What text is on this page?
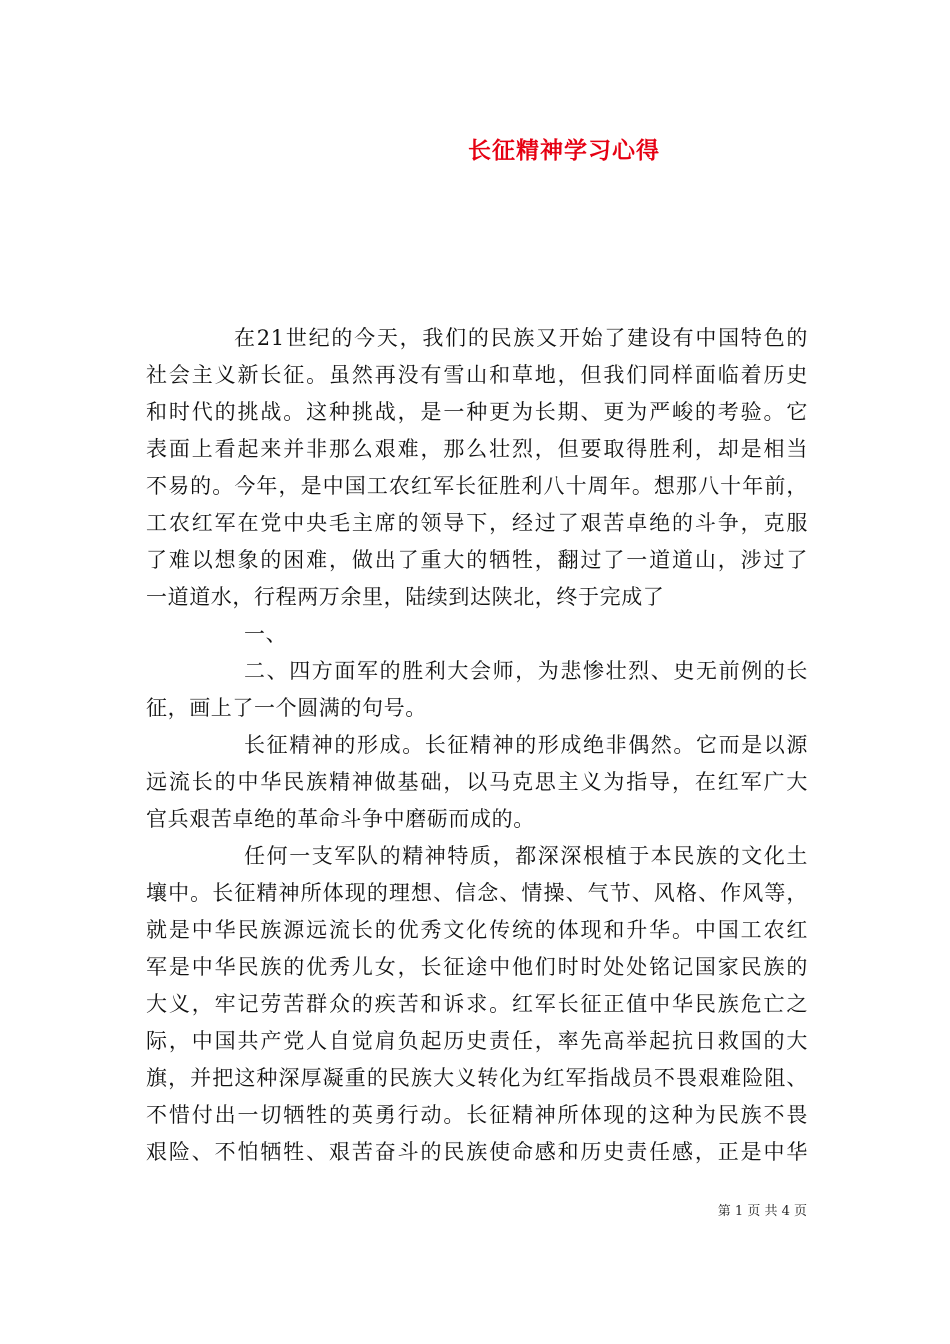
长征精神学习心得
在21世纪的今天，我们的民族又开始了建设有中国特色的
社会主义新长征。虽然再没有雪山和草地，但我们同样面临着历史
和时代的挑战。这种挑战，是一种更为长期、更为严峻的考验。它
表面上看起来并非那么艰难，那么壮烈，但要取得胜利，却是相当
不易的。今年，是中国工农红军长征胜利八十周年。想那八十年前，
工农红军在党中央毛主席的领导下，经过了艰苦卓绝的斗争，克服
了难以想象的困难，做出了重大的牺牲，翻过了一道道山，涉过了
一道道水，行程两万余里，陆续到达陕北，终于完成了
一、
二、四方面军的胜利大会师，为悲惨壮烈、史无前例的长
征，画上了一个圆满的句号。
长征精神的形成。长征精神的形成绝非偶然。它而是以源
远流长的中华民族精神做基础，以马克思主义为指导，在红军广大
官兵艰苦卓绝的革命斗争中磨砺而成的。
任何一支军队的精神特质，都深深根植于本民族的文化土
壤中。长征精神所体现的理想、信念、情操、气节、风格、作风等，
就是中华民族源远流长的优秀文化传统的体现和升华。中国工农红
军是中华民族的优秀儿女，长征途中他们时时处处铭记国家民族的
大义，牢记劳苦群众的疾苦和诉求。红军长征正值中华民族危亡之
际，中国共产党人自觉肩负起历史责任，率先高举起抗日救国的大
旗，并把这种深厚凝重的民族大义转化为红军指战员不畏艰难险阻、
不惜付出一切牺牲的英勇行动。长征精神所体现的这种为民族不畏
艰险、不怕牺牲、艰苦奋斗的民族使命感和历史责任感，正是中华
第 1 页 共 4 页
